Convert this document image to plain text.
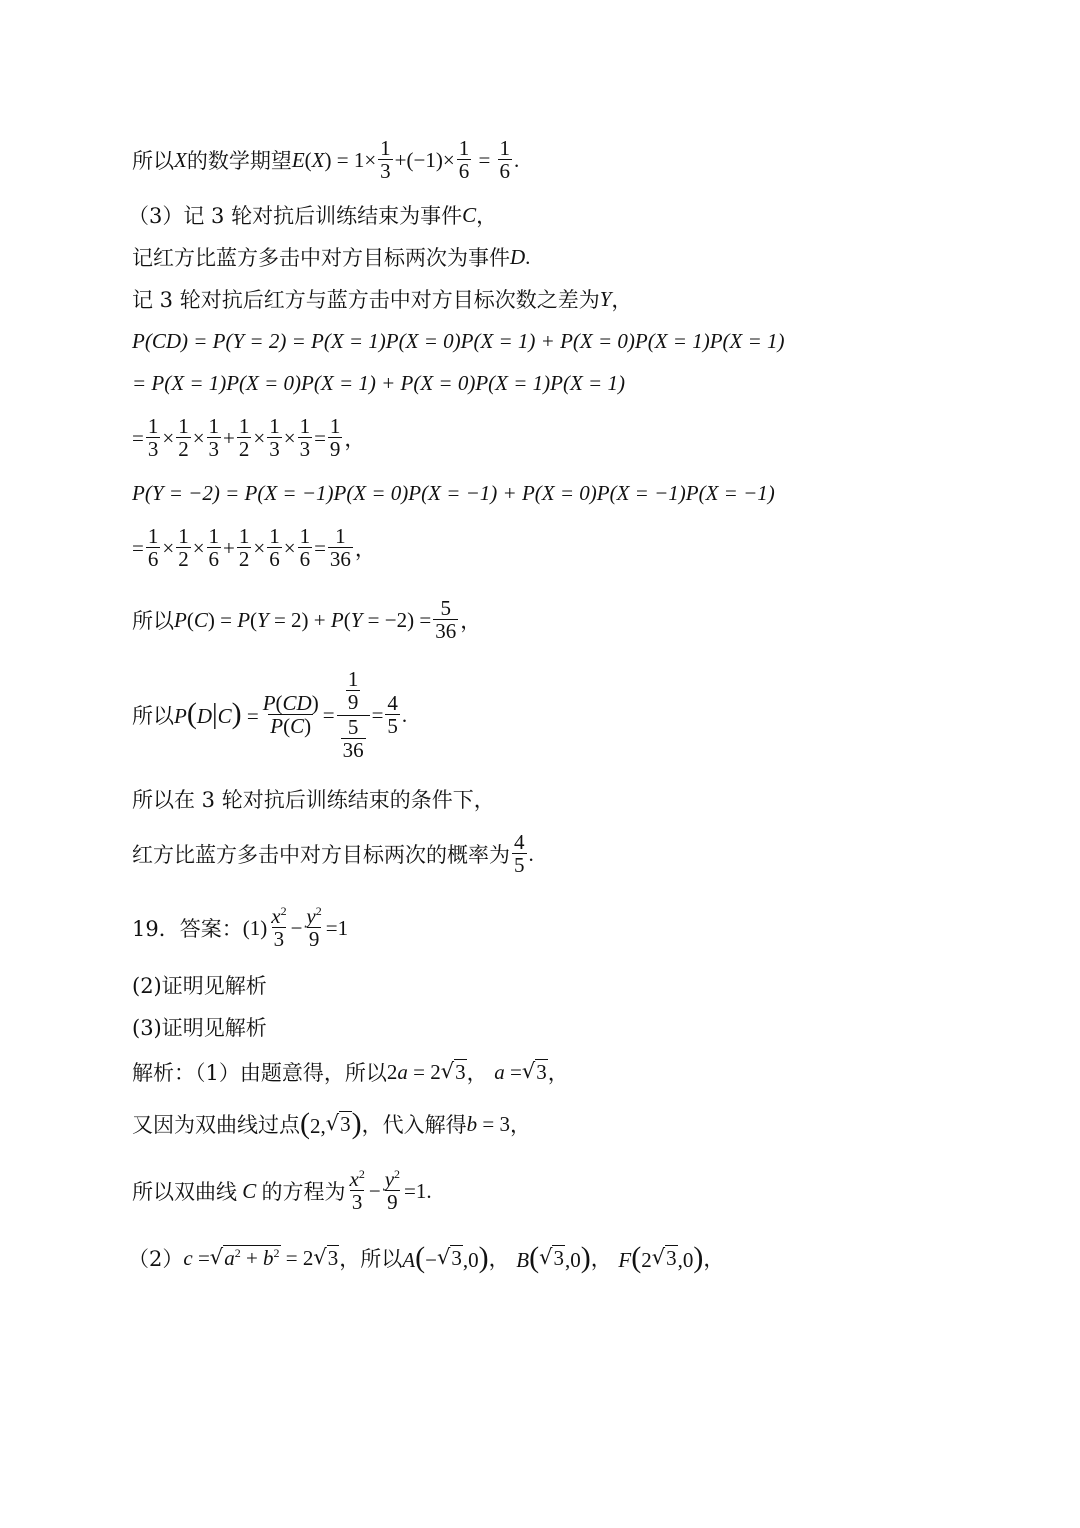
所以 X 的数学期望 $E(X) = 1\times \frac{1}{3} +(-1)\times \frac{1}{6} = \frac{1}{6}$ .
（3）记 3 轮对抗后训练结束为事件 C ，
记红方比蓝方多击中对方目标两次为事件 D .
记 3 轮对抗后红方与蓝方击中对方目标次数之差为 Y ，
P(CD) = P(Y = 2) = P(X = 1)P(X = 0)P(X = 1) + P(X = 0)P(X = 1)P(X = 1)
= P(X = 1)P(X = 0)P(X = 1) + P(X = 0)P(X = 1)P(X = 1)
= $\frac{1}{3} \times \frac{1}{2} \times \frac{1}{3} + \frac{1}{2} \times \frac{1}{3} \times \frac{1}{3} = \frac{1}{9}$ ，
P(Y = −2) = P(X = −1)P(X = 0)P(X = −1) + P(X = 0)P(X = −1)P(X = −1)
= $\frac{1}{6} \times \frac{1}{2} \times \frac{1}{6} + \frac{1}{2} \times \frac{1}{6} \times \frac{1}{6} = \frac{1}{36}$ ，
所以 $P(C) = P(Y = 2) + P(Y = -2) = \frac{5}{36}$ ，
所以 $P(D|C) = \frac{P(CD)}{P(C)} = \frac{\frac{1}{9}}{\frac{5}{36}} = \frac{4}{5}$ .
所以在 3 轮对抗后训练结束的条件下，
红方比蓝方多击中对方目标两次的概率为 $\frac{4}{5}$ .
19．答案： $(1) \frac{x^2}{3} - \frac{y^2}{9} =1$
(2)证明见解析
(3)证明见解析
解析：（1）由题意得，所以 2a = 2 √ 3 ， a = √ 3 ，
又因为双曲线过点 (2, √ 3 ) ，代入解得 b = 3 ，
所以双曲线 C 的方程为 $\frac{x^2}{3} - \frac{y^2}{9} =1$.
（2） c = √ $a^2 + b^2 = 2$ √ 3 ，所以 A(− √ 3 ,0) ， B( √ 3 ,0) ， F(2 √ 3 ,0) ，
